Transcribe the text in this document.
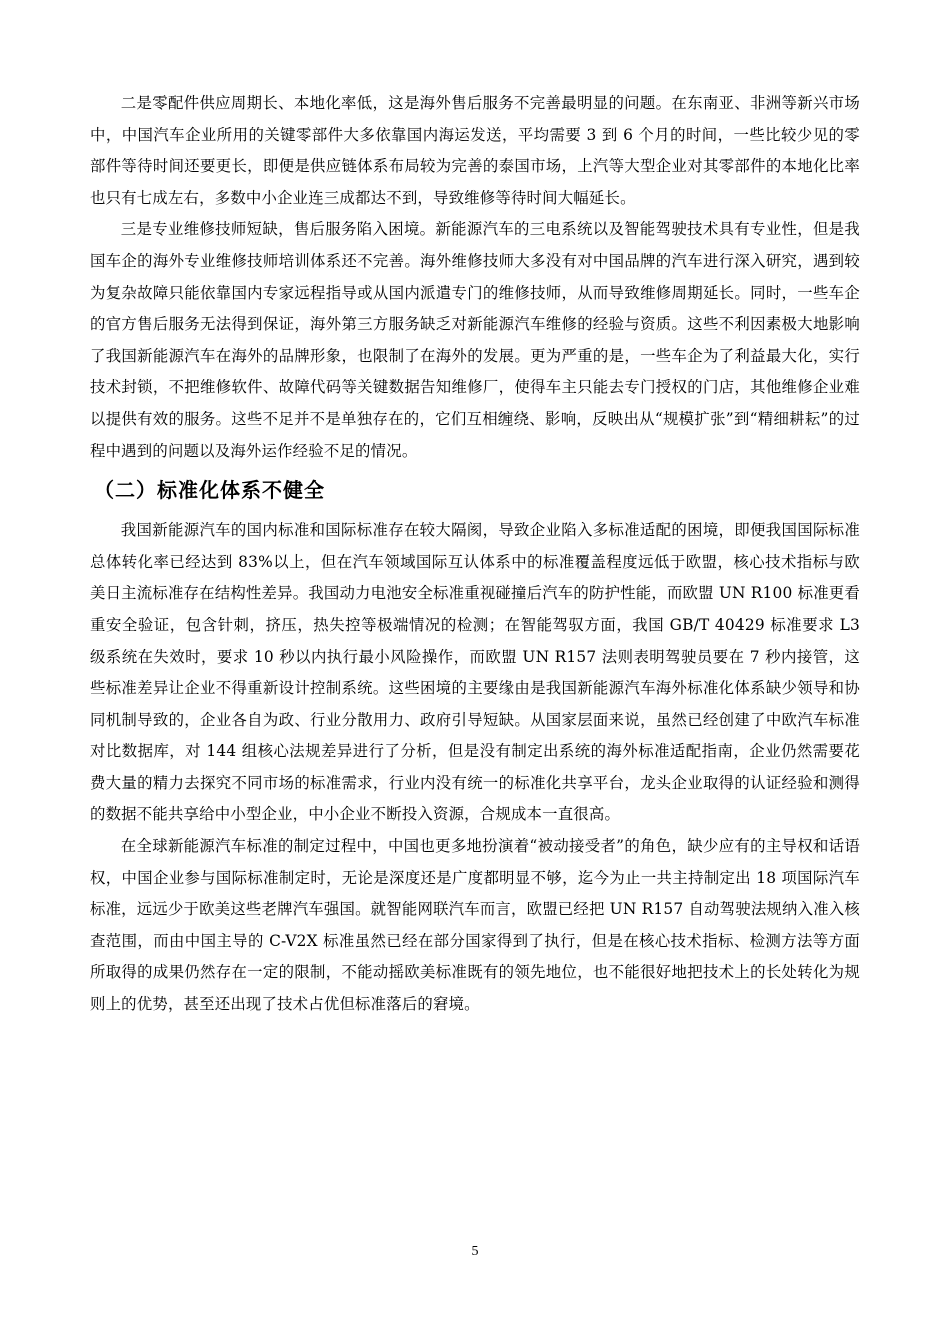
二是零配件供应周期长、本地化率低，这是海外售后服务不完善最明显的问题。在东南亚、非洲等新兴市场中，中国汽车企业所用的关键零部件大多依靠国内海运发送，平均需要 3 到 6 个月的时间，一些比较少见的零部件等待时间还要更长，即便是供应链体系布局较为完善的泰国市场，上汽等大型企业对其零部件的本地化比率也只有七成左右，多数中小企业连三成都达不到，导致维修等待时间大幅延长。

三是专业维修技师短缺，售后服务陷入困境。新能源汽车的三电系统以及智能驾驶技术具有专业性，但是我国车企的海外专业维修技师培训体系还不完善。海外维修技师大多没有对中国品牌的汽车进行深入研究，遇到较为复杂故障只能依靠国内专家远程指导或从国内派遣专门的维修技师，从而导致维修周期延长。同时，一些车企的官方售后服务无法得到保证，海外第三方服务缺乏对新能源汽车维修的经验与资质。这些不利因素极大地影响了我国新能源汽车在海外的品牌形象，也限制了在海外的发展。更为严重的是，一些车企为了利益最大化，实行技术封锁，不把维修软件、故障代码等关键数据告知维修厂，使得车主只能去专门授权的门店，其他维修企业难以提供有效的服务。这些不足并不是单独存在的，它们互相缠绕、影响，反映出从“规模扩张”到“精细耕耘”的过程中遇到的问题以及海外运作经验不足的情况。

（二）标准化体系不健全

我国新能源汽车的国内标准和国际标准存在较大隔阂，导致企业陷入多标准适配的困境，即便我国国际标准总体转化率已经达到 83%以上，但在汽车领域国际互认体系中的标准覆盖程度远低于欧盟，核心技术指标与欧美日主流标准存在结构性差异。我国动力电池安全标准重视碰撞后汽车的防护性能，而欧盟 UN R100 标准更看重安全验证，包含针刺，挤压，热失控等极端情况的检测；在智能驾驭方面，我国 GB/T 40429 标准要求 L3 级系统在失效时，要求 10 秒以内执行最小风险操作，而欧盟 UN R157 法则表明驾驶员要在 7 秒内接管，这些标准差异让企业不得重新设计控制系统。这些困境的主要缘由是我国新能源汽车海外标准化体系缺少领导和协同机制导致的，企业各自为政、行业分散用力、政府引导短缺。从国家层面来说，虽然已经创建了中欧汽车标准对比数据库，对 144 组核心法规差异进行了分析，但是没有制定出系统的海外标准适配指南，企业仍然需要花费大量的精力去探究不同市场的标准需求，行业内没有统一的标准化共享平台，龙头企业取得的认证经验和测得的数据不能共享给中小型企业，中小企业不断投入资源，合规成本一直很高。

在全球新能源汽车标准的制定过程中，中国也更多地扮演着“被动接受者”的角色，缺少应有的主导权和话语权，中国企业参与国际标准制定时，无论是深度还是广度都明显不够，迄今为止一共主持制定出 18 项国际汽车标准，远远少于欧美这些老牌汽车强国。就智能网联汽车而言，欧盟已经把 UN R157 自动驾驶法规纳入准入核查范围，而由中国主导的 C-V2X 标准虽然已经在部分国家得到了执行，但是在核心技术指标、检测方法等方面所取得的成果仍然存在一定的限制，不能动摇欧美标准既有的领先地位，也不能很好地把技术上的长处转化为规则上的优势，甚至还出现了技术占优但标准落后的窘境。

5
